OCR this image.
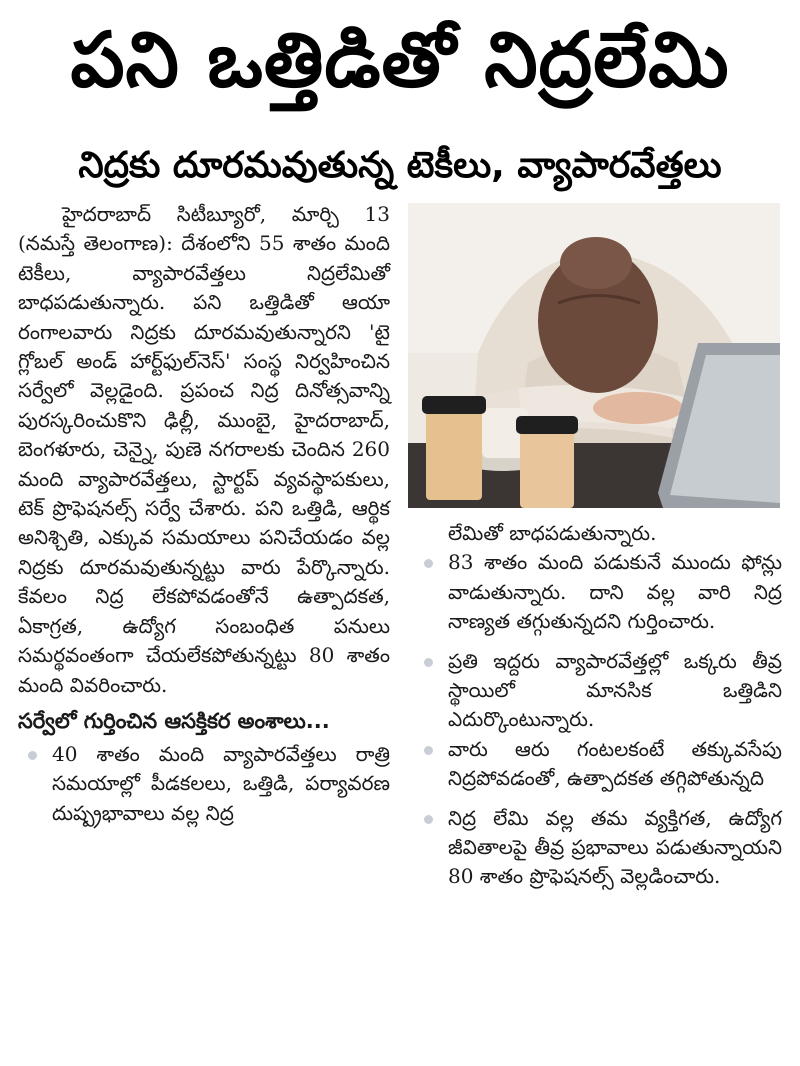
పని ఒత్తిడితో నిద్రలేమి
నిద్రకు దూరమవుతున్న టెకీలు, వ్యాపారవేత్తలు

హైదరాబాద్ సిటీబ్యూరో, మార్చి 13 (నమస్తే తెలంగాణ): దేశంలోని 55 శాతం మంది టెకీలు, వ్యాపారవేత్తలు నిద్రలేమితో బాధపడుతున్నారు. పని ఒత్తిడితో ఆయా రంగాలవారు నిద్రకు దూరమవుతున్నారని 'టై గ్లోబల్ అండ్ హార్ట్‌ఫుల్‌నెస్' సంస్థ నిర్వహించిన సర్వేలో వెల్లడైంది. ప్రపంచ నిద్ర దినోత్సవాన్ని పురస్కరించుకొని ఢిల్లీ, ముంబై, హైదరాబాద్, బెంగళూరు, చెన్నై, పుణె నగరాలకు చెందిన 260 మంది వ్యాపారవేత్తలు, స్టార్టప్ వ్యవస్థాపకులు, టెక్ ప్రొఫెషనల్స్ సర్వే చేశారు. పని ఒత్తిడి, ఆర్థిక అనిశ్చితి, ఎక్కువ సమయాలు పనిచేయడం వల్ల నిద్రకు దూరమవుతున్నట్టు వారు పేర్కొన్నారు. కేవలం నిద్ర లేకపోవడంతోనే ఉత్పాదకత, ఏకాగ్రత, ఉద్యోగ సంబంధిత పనులు సమర్థవంతంగా చేయలేకపోతున్నట్టు 80 శాతం మంది వివరించారు.

సర్వేలో గుర్తించిన ఆసక్తికర అంశాలు...
40 శాతం మంది వ్యాపారవేత్తలు రాత్రి సమయాల్లో పీడకలలు, ఒత్తిడి, పర్యావరణ దుష్ప్రభావాలు వల్ల నిద్ర

లేమితో బాధపడుతున్నారు.

83 శాతం మంది పడుకునే ముందు ఫోన్లు వాడుతున్నారు. దాని వల్ల వారి నిద్ర నాణ్యత తగ్గుతున్నదని గుర్తించారు.
ప్రతి ఇద్దరు వ్యాపారవేత్తల్లో ఒక్కరు తీవ్ర స్థాయిలో మానసిక ఒత్తిడిని ఎదుర్కొంటున్నారు.
వారు ఆరు గంటలకంటే తక్కువసేపు నిద్రపోవడంతో, ఉత్పాదకత తగ్గిపోతున్నది
నిద్ర లేమి వల్ల తమ వ్యక్తిగత, ఉద్యోగ జీవితాలపై తీవ్ర ప్రభావాలు పడుతున్నాయని 80 శాతం ప్రొఫెషనల్స్ వెల్లడించారు.
